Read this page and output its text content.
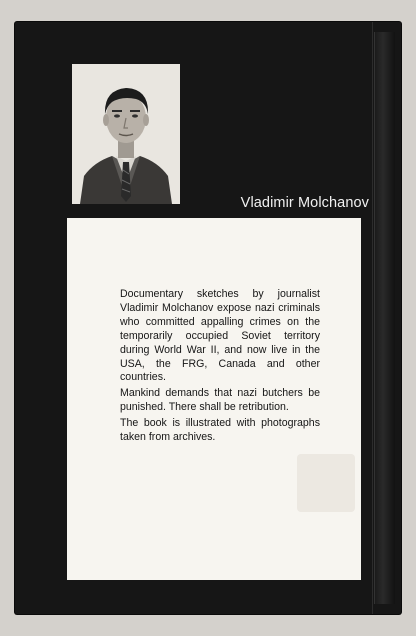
Vladimir Molchanov

Documentary sketches by journalist Vladimir Molchanov expose nazi criminals who committed appalling crimes on the temporarily occupied Soviet territory during World War II, and now live in the USA, the FRG, Canada and other countries.

Mankind demands that nazi butchers be punished. There shall be retribution.

The book is illustrated with photographs taken from archives.
